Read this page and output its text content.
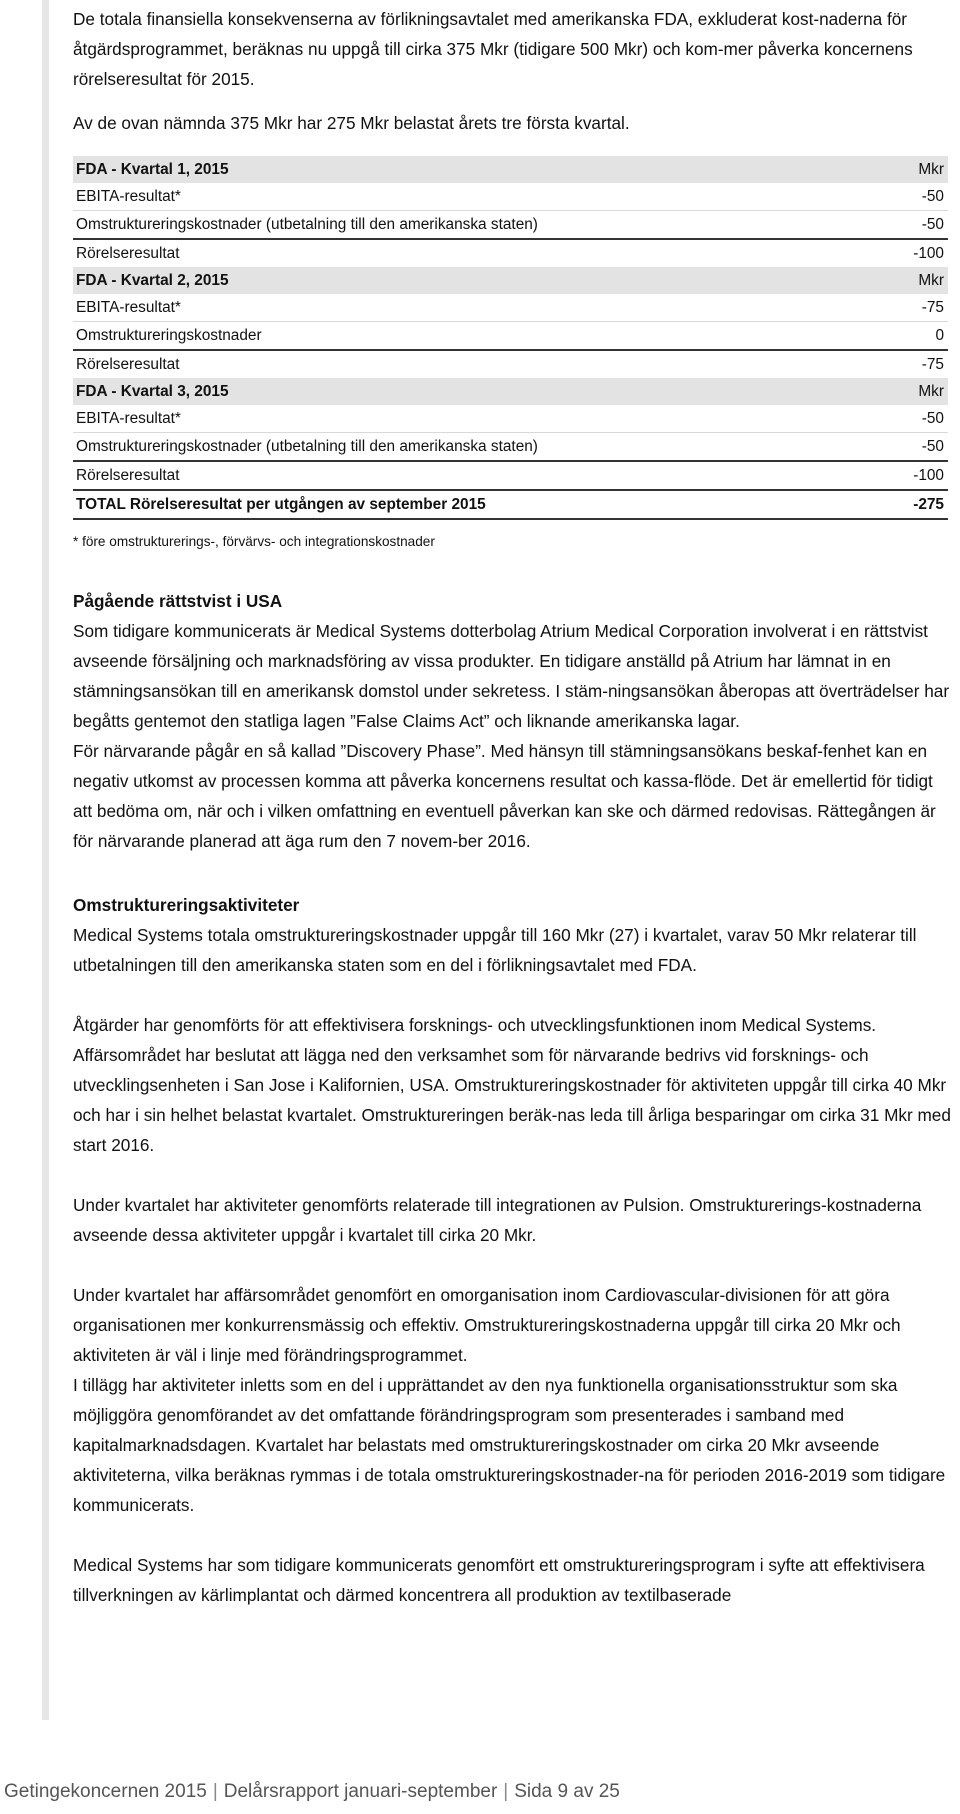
De totala finansiella konsekvenserna av förlikningsavtalet med amerikanska FDA, exkluderat kost-naderna för åtgärdsprogrammet, beräknas nu uppgå till cirka 375 Mkr (tidigare 500 Mkr) och kom-mer påverka koncernens rörelseresultat för 2015.

Av de ovan nämnda 375 Mkr har 275 Mkr belastat årets tre första kvartal.

FDA - Kvartal 1, 2015	Mkr
EBITA-resultat*	-50
Omstruktureringskostnader (utbetalning till den amerikanska staten)	-50
Rörelseresultat	-100
FDA - Kvartal 2, 2015	Mkr
EBITA-resultat*	-75
Omstruktureringskostnader	0
Rörelseresultat	-75
FDA - Kvartal 3, 2015	Mkr
EBITA-resultat*	-50
Omstruktureringskostnader (utbetalning till den amerikanska staten)	-50
Rörelseresultat	-100
TOTAL Rörelseresultat per utgången av september 2015	-275

* före omstrukturerings-, förvärvs- och integrationskostnader

Pågående rättstvist i USA

Som tidigare kommunicerats är Medical Systems dotterbolag Atrium Medical Corporation involverat i en rättstvist avseende försäljning och marknadsföring av vissa produkter. En tidigare anställd på Atrium har lämnat in en stämningsansökan till en amerikansk domstol under sekretess. I stäm-ningsansökan åberopas att överträdelser har begåtts gentemot den statliga lagen ”False Claims Act” och liknande amerikanska lagar.

För närvarande pågår en så kallad ”Discovery Phase”. Med hänsyn till stämningsansökans beskaf-fenhet kan en negativ utkomst av processen komma att påverka koncernens resultat och kassa-flöde. Det är emellertid för tidigt att bedöma om, när och i vilken omfattning en eventuell påverkan kan ske och därmed redovisas. Rättegången är för närvarande planerad att äga rum den 7 novem-ber 2016.

Omstruktureringsaktiviteter

Medical Systems totala omstruktureringskostnader uppgår till 160 Mkr (27) i kvartalet, varav 50 Mkr relaterar till utbetalningen till den amerikanska staten som en del i förlikningsavtalet med FDA.

Åtgärder har genomförts för att effektivisera forsknings- och utvecklingsfunktionen inom Medical Systems. Affärsområdet har beslutat att lägga ned den verksamhet som för närvarande bedrivs vid forsknings- och utvecklingsenheten i San Jose i Kalifornien, USA. Omstruktureringskostnader för aktiviteten uppgår till cirka 40 Mkr och har i sin helhet belastat kvartalet. Omstruktureringen beräk-nas leda till årliga besparingar om cirka 31 Mkr med start 2016.

Under kvartalet har aktiviteter genomförts relaterade till integrationen av Pulsion. Omstrukturerings-kostnaderna avseende dessa aktiviteter uppgår i kvartalet till cirka 20 Mkr.

Under kvartalet har affärsområdet genomfört en omorganisation inom Cardiovascular-divisionen för att göra organisationen mer konkurrensmässig och effektiv. Omstruktureringskostnaderna uppgår till cirka 20 Mkr och aktiviteten är väl i linje med förändringsprogrammet.

I tillägg har aktiviteter inletts som en del i upprättandet av den nya funktionella organisationsstruktur som ska möjliggöra genomförandet av det omfattande förändringsprogram som presenterades i samband med kapitalmarknadsdagen. Kvartalet har belastats med omstruktureringskostnader om cirka 20 Mkr avseende aktiviteterna, vilka beräknas rymmas i de totala omstruktureringskostnader-na för perioden 2016-2019 som tidigare kommunicerats.

Medical Systems har som tidigare kommunicerats genomfört ett omstruktureringsprogram i syfte att effektivisera tillverkningen av kärlimplantat och därmed koncentrera all produktion av textilbaserade

Getingekoncernen 2015 | Delårsrapport januari-september | Sida 9 av 25
